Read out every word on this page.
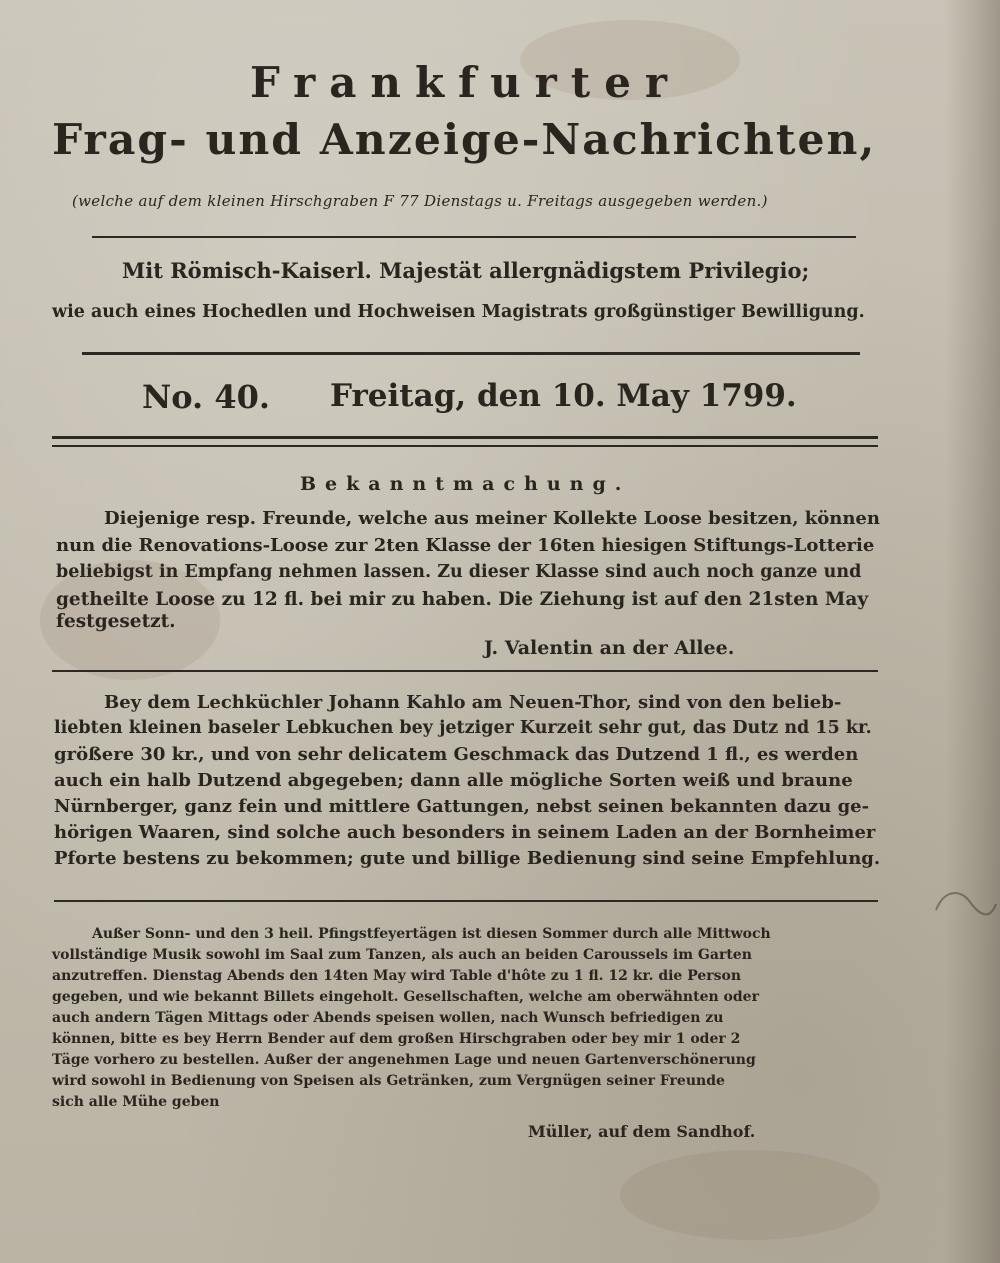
Frankfurter
Frag- und Anzeige-Nachrichten,
(welche auf dem kleinen Hirschgraben F 77 Dienstags u. Freitags ausgegeben werden.)
Mit Römisch-Kaiserl. Majestät allergnädigstem Privilegio;
wie auch eines Hochedlen und Hochweisen Magistrats großgünstiger Bewilligung.
No. 40. Freitag, den 10. May 1799.
Bekanntmachung.
Diejenige resp. Freunde, welche aus meiner Kollekte Loose besitzen, können
nun die Renovations-Loose zur 2ten Klasse der 16ten hiesigen Stiftungs-Lotterie
beliebigst in Empfang nehmen lassen. Zu dieser Klasse sind auch noch ganze und
getheilte Loose zu 12 fl. bei mir zu haben. Die Ziehung ist auf den 21sten May
festgesetzt.
J. Valentin an der Allee.
Bey dem Lechküchler Johann Kahlo am Neuen-Thor, sind von den belieb-
liebten kleinen baseler Lebkuchen bey jetziger Kurzeit sehr gut, das Dutz nd 15 kr.
größere 30 kr., und von sehr delicatem Geschmack das Dutzend 1 fl., es werden
auch ein halb Dutzend abgegeben; dann alle mögliche Sorten weiß und braune
Nürnberger, ganz fein und mittlere Gattungen, nebst seinen bekannten dazu ge-
hörigen Waaren, sind solche auch besonders in seinem Laden an der Bornheimer
Pforte bestens zu bekommen; gute und billige Bedienung sind seine Empfehlung.
Außer Sonn- und den 3 heil. Pfingstfeyertägen ist diesen Sommer durch alle Mittwoch
vollständige Musik sowohl im Saal zum Tanzen, als auch an beiden Caroussels im Garten
anzutreffen. Dienstag Abends den 14ten May wird Table d'hôte zu 1 fl. 12 kr. die Person
gegeben, und wie bekannt Billets eingeholt. Gesellschaften, welche am oberwähnten oder
auch andern Tägen Mittags oder Abends speisen wollen, nach Wunsch befriedigen zu
können, bitte es bey Herrn Bender auf dem großen Hirschgraben oder bey mir 1 oder 2
Täge vorhero zu bestellen. Außer der angenehmen Lage und neuen Gartenverschönerung
wird sowohl in Bedienung von Speisen als Getränken, zum Vergnügen seiner Freunde
sich alle Mühe geben
Müller, auf dem Sandhof.
